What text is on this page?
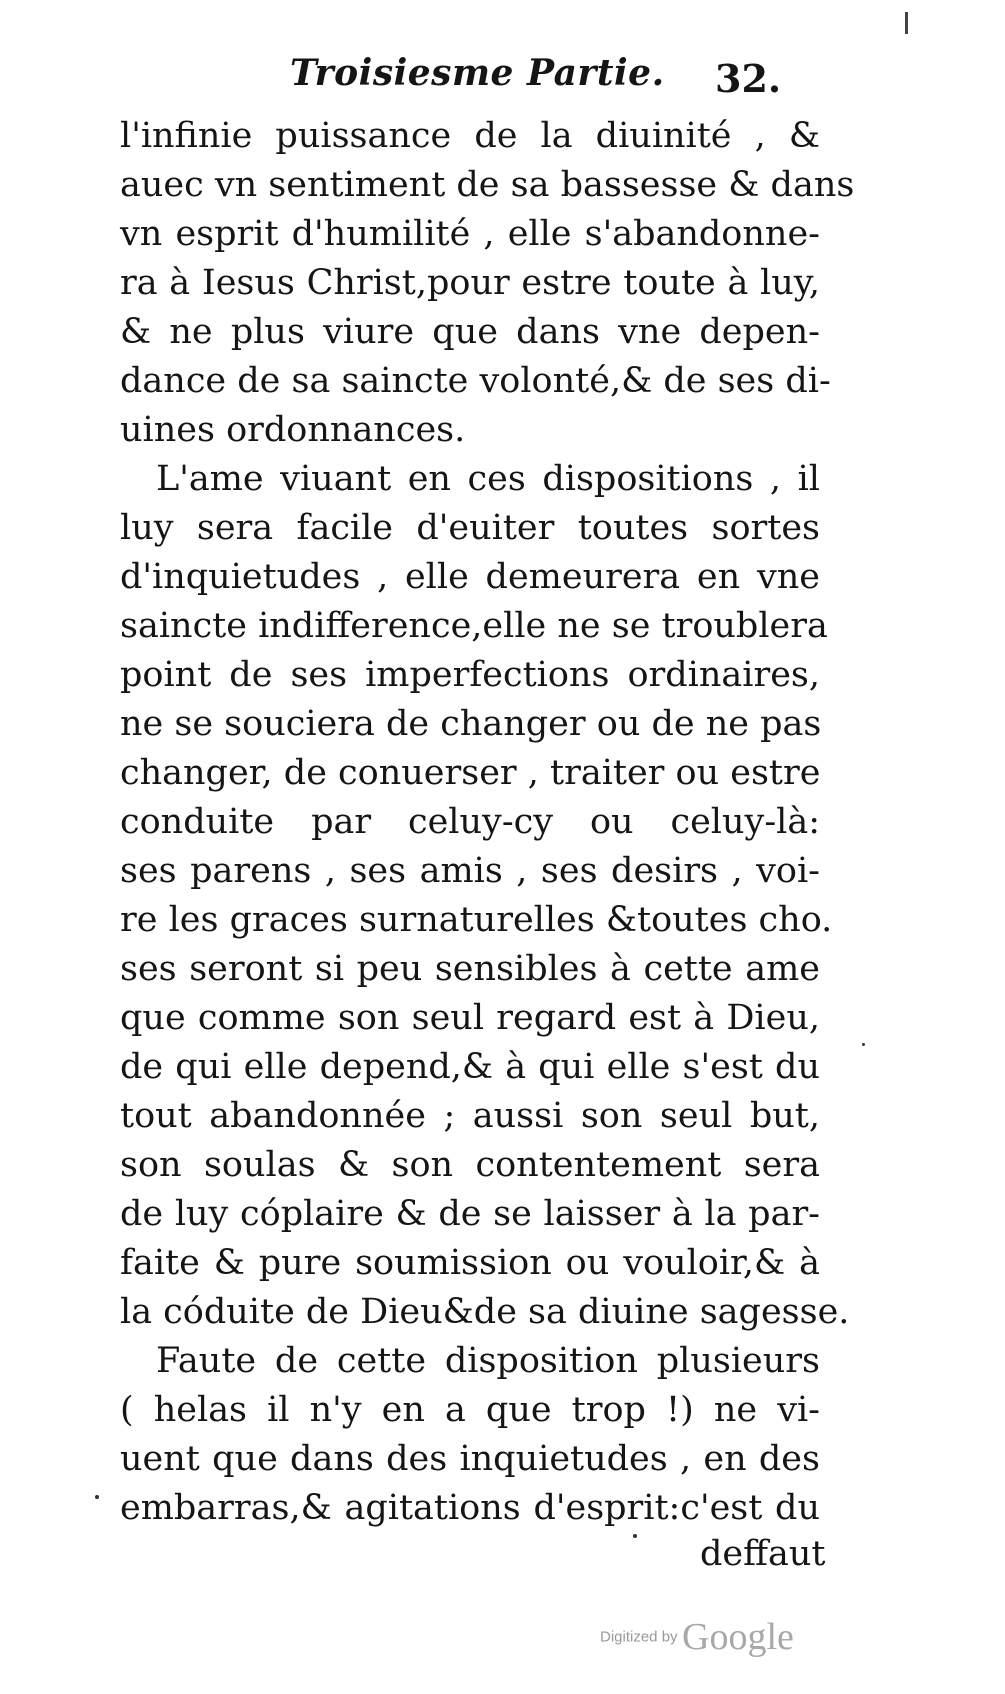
Troisiesme Partie. 32.
l'infinie puissance de la diuinité , &
auec vn sentiment de sa bassesse & dans
vn esprit d'humilité , elle s'abandonne-
ra à Iesus Christ,pour estre toute à luy,
& ne plus viure que dans vne depen-
dance de sa saincte volonté,& de ses di-
uines ordonnances.
L'ame viuant en ces dispositions , il
luy sera facile d'euiter toutes sortes
d'inquietudes , elle demeurera en vne
saincte indifference,elle ne se troublera
point de ses imperfections ordinaires,
ne se souciera de changer ou de ne pas
changer, de conuerser , traiter ou estre
conduite par celuy-cy ou celuy-là:
ses parens , ses amis , ses desirs , voi-
re les graces surnaturelles &toutes cho.
ses seront si peu sensibles à cette ame
que comme son seul regard est à Dieu,
de qui elle depend,& à qui elle s'est du
tout abandonnée ; aussi son seul but,
son soulas & son contentement sera
de luy cóplaire & de se laisser à la par-
faite & pure soumission ou vouloir,& à
la códuite de Dieu&de sa diuine sagesse.
Faute de cette disposition plusieurs
( helas il n'y en a que trop !) ne vi-
uent que dans des inquietudes , en des
embarras,& agitations d'esprit:c'est du
deffaut
Digitized by Google
